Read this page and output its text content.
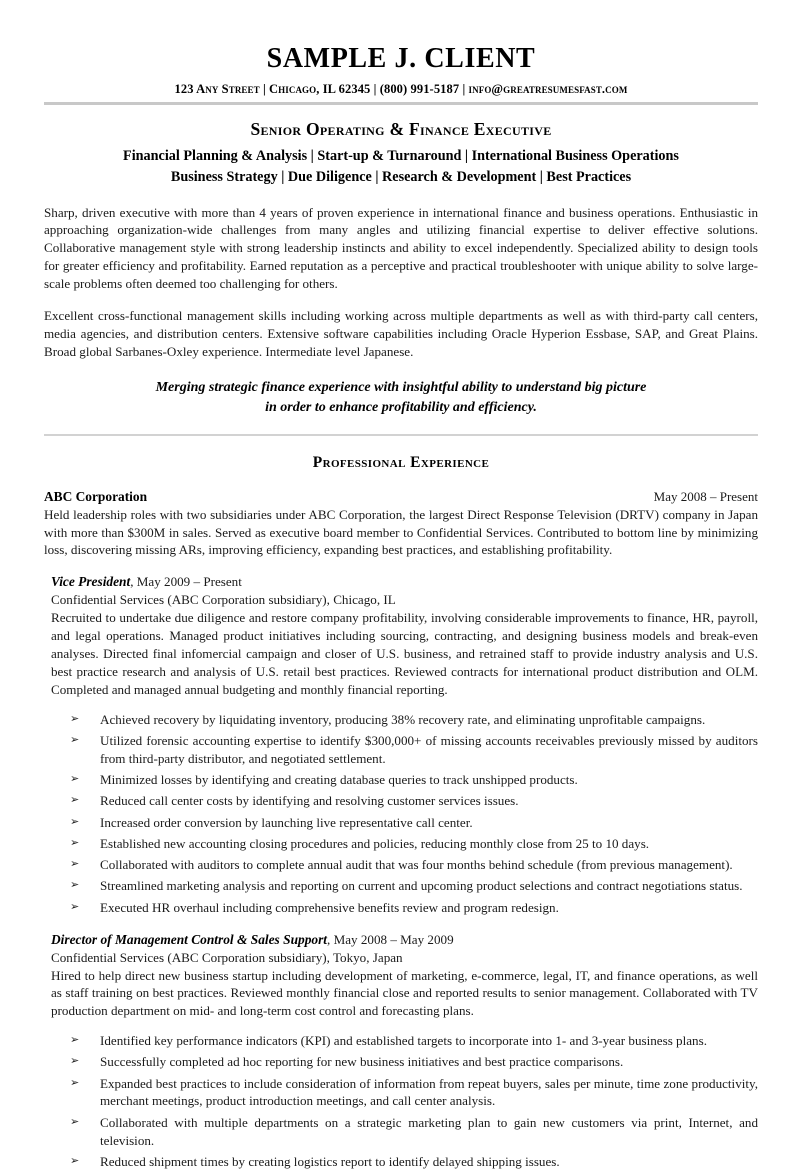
SAMPLE J. CLIENT
123 Any Street | Chicago, IL 62345 | (800) 991-5187 | info@greatresumesfast.com
Senior Operating & Finance Executive
Financial Planning & Analysis | Start-up & Turnaround | International Business Operations
Business Strategy | Due Diligence | Research & Development | Best Practices

Sharp, driven executive with more than 4 years of proven experience in international finance and business operations. Enthusiastic in approaching organization-wide challenges from many angles and utilizing financial expertise to deliver effective solutions. Collaborative management style with strong leadership instincts and ability to excel independently. Specialized ability to design tools for greater efficiency and profitability. Earned reputation as a perceptive and practical troubleshooter with unique ability to solve large-scale problems often deemed too challenging for others.

Excellent cross-functional management skills including working across multiple departments as well as with third-party call centers, media agencies, and distribution centers. Extensive software capabilities including Oracle Hyperion Essbase, SAP, and Great Plains. Broad global Sarbanes-Oxley experience. Intermediate level Japanese.

Merging strategic finance experience with insightful ability to understand big picture
in order to enhance profitability and efficiency.
Professional Experience
ABC Corporation	May 2008 – Present

Held leadership roles with two subsidiaries under ABC Corporation, the largest Direct Response Television (DRTV) company in Japan with more than $300M in sales. Served as executive board member to Confidential Services. Contributed to bottom line by minimizing loss, discovering missing ARs, improving efficiency, expanding best practices, and establishing profitability.

Vice President, May 2009 – Present
Confidential Services (ABC Corporation subsidiary), Chicago, IL

Recruited to undertake due diligence and restore company profitability, involving considerable improvements to finance, HR, payroll, and legal operations. Managed product initiatives including sourcing, contracting, and designing business models and break-even analyses. Directed final infomercial campaign and closer of U.S. business, and retrained staff to provide industry analysis and U.S. best practice research and analysis of U.S. retail best practices. Reviewed contracts for international product distribution and OLM. Completed and managed annual budgeting and monthly financial reporting.

➢ Achieved recovery by liquidating inventory, producing 38% recovery rate, and eliminating unprofitable campaigns.
➢ Utilized forensic accounting expertise to identify $300,000+ of missing accounts receivables previously missed by auditors from third-party distributor, and negotiated settlement.
➢ Minimized losses by identifying and creating database queries to track unshipped products.
➢ Reduced call center costs by identifying and resolving customer services issues.
➢ Increased order conversion by launching live representative call center.
➢ Established new accounting closing procedures and policies, reducing monthly close from 25 to 10 days.
➢ Collaborated with auditors to complete annual audit that was four months behind schedule (from previous management).
➢ Streamlined marketing analysis and reporting on current and upcoming product selections and contract negotiations status.
➢ Executed HR overhaul including comprehensive benefits review and program redesign.
Director of Management Control & Sales Support, May 2008 – May 2009
Confidential Services (ABC Corporation subsidiary), Tokyo, Japan

Hired to help direct new business startup including development of marketing, e-commerce, legal, IT, and finance operations, as well as staff training on best practices. Reviewed monthly financial close and reported results to senior management. Collaborated with TV production department on mid- and long-term cost control and forecasting plans.

➢ Identified key performance indicators (KPI) and established targets to incorporate into 1- and 3-year business plans.
➢ Successfully completed ad hoc reporting for new business initiatives and best practice comparisons.
➢ Expanded best practices to include consideration of information from repeat buyers, sales per minute, time zone productivity, merchant meetings, product introduction meetings, and call center analysis.
➢ Collaborated with multiple departments on a strategic marketing plan to gain new customers via print, Internet, and television.
➢ Reduced shipment times by creating logistics report to identify delayed shipping issues.
